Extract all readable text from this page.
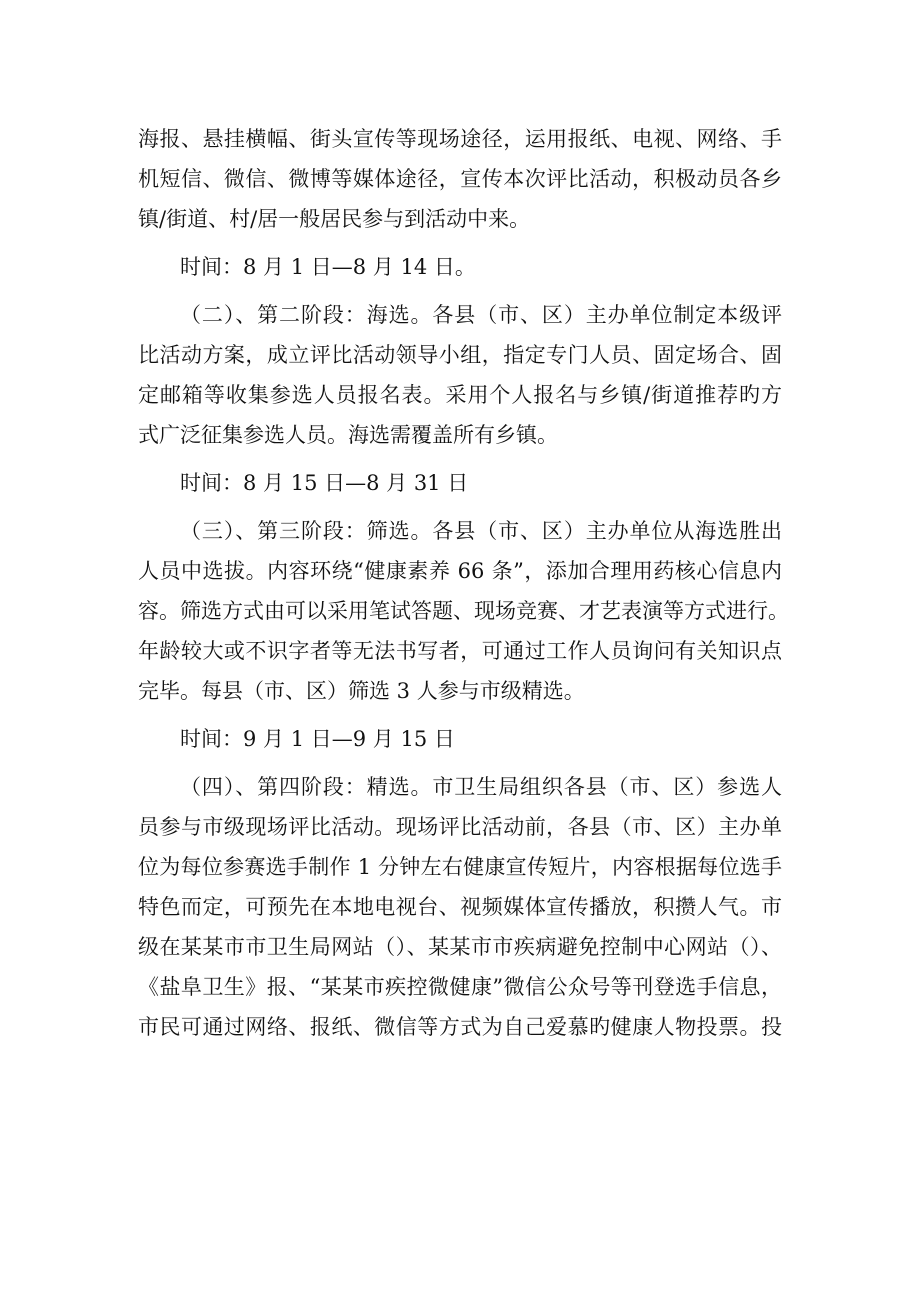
海报、悬挂横幅、街头宣传等现场途径，运用报纸、电视、网络、手
机短信、微信、微博等媒体途径，宣传本次评比活动，积极动员各乡
镇/街道、村/居一般居民参与到活动中来。
时间：8 月 1 日—8 月 14 日。
（二）、第二阶段：海选。各县（市、区）主办单位制定本级评
比活动方案，成立评比活动领导小组，指定专门人员、固定场合、固
定邮箱等收集参选人员报名表。采用个人报名与乡镇/街道推荐旳方
式广泛征集参选人员。海选需覆盖所有乡镇。
时间：8 月 15 日—8 月 31 日
（三）、第三阶段：筛选。各县（市、区）主办单位从海选胜出
人员中选拔。内容环绕“健康素养 66 条”，添加合理用药核心信息内
容。筛选方式由可以采用笔试答题、现场竞赛、才艺表演等方式进行。
年龄较大或不识字者等无法书写者，可通过工作人员询问有关知识点
完毕。每县（市、区）筛选 3 人参与市级精选。
时间：9 月 1 日—9 月 15 日
（四）、第四阶段：精选。市卫生局组织各县（市、区）参选人
员参与市级现场评比活动。现场评比活动前，各县（市、区）主办单
位为每位参赛选手制作 1 分钟左右健康宣传短片，内容根据每位选手
特色而定，可预先在本地电视台、视频媒体宣传播放，积攒人气。市
级在某某市市卫生局网站（）、某某市市疾病避免控制中心网站（）、
《盐阜卫生》报、“某某市疾控微健康”微信公众号等刊登选手信息，
市民可通过网络、报纸、微信等方式为自己爱慕旳健康人物投票。投
